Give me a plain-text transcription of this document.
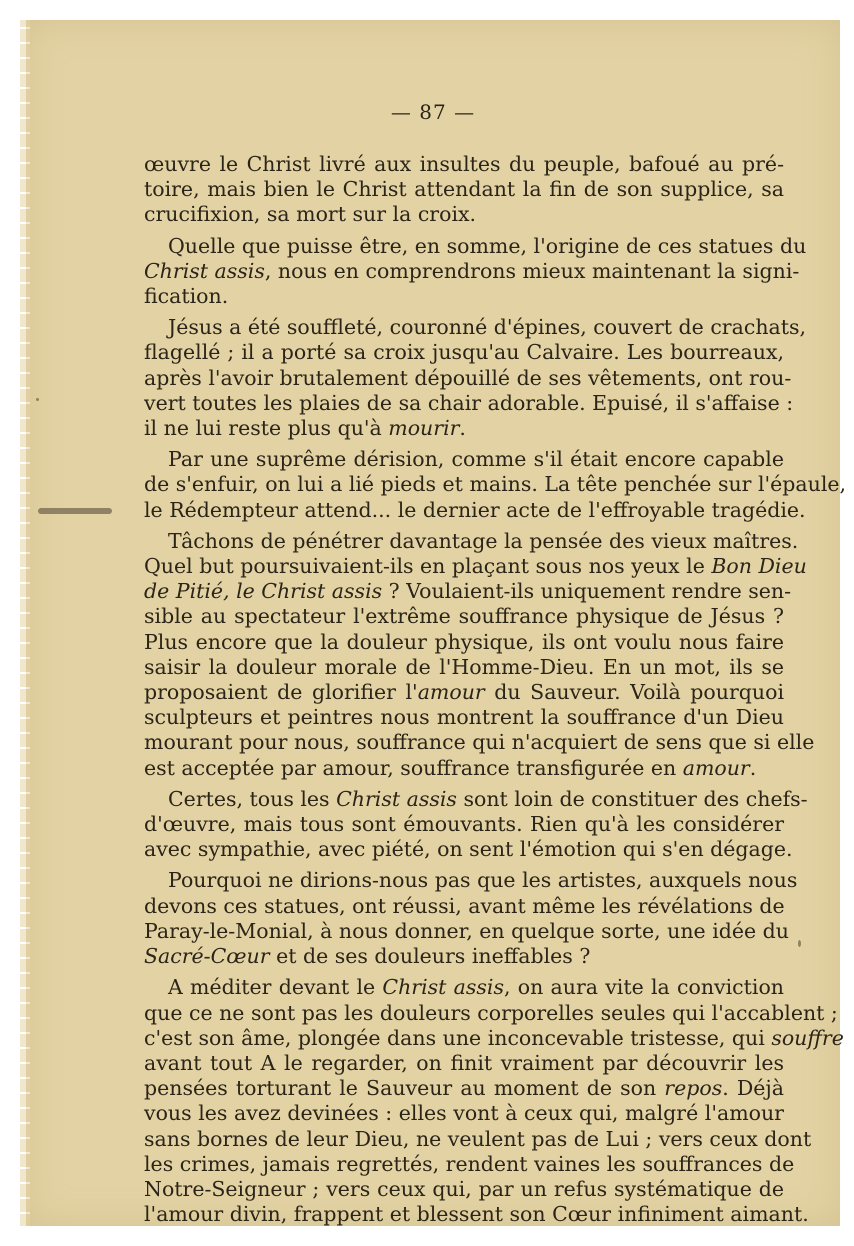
— 87 —
œuvre le Christ livré aux insultes du peuple, bafoué au pré-
toire, mais bien le Christ attendant la fin de son supplice, sa
crucifixion, sa mort sur la croix.
Quelle que puisse être, en somme, l'origine de ces statues du
Christ assis, nous en comprendrons mieux maintenant la signi-
fication.
Jésus a été souffleté, couronné d'épines, couvert de crachats,
flagellé ; il a porté sa croix jusqu'au Calvaire. Les bourreaux,
après l'avoir brutalement dépouillé de ses vêtements, ont rou-
vert toutes les plaies de sa chair adorable. Epuisé, il s'affaise :
il ne lui reste plus qu'à mourir.
Par une suprême dérision, comme s'il était encore capable
de s'enfuir, on lui a lié pieds et mains. La tête penchée sur l'épaule,
le Rédempteur attend... le dernier acte de l'effroyable tragédie.
Tâchons de pénétrer davantage la pensée des vieux maîtres.
Quel but poursuivaient-ils en plaçant sous nos yeux le Bon Dieu
de Pitié, le Christ assis ? Voulaient-ils uniquement rendre sen-
sible au spectateur l'extrême souffrance physique de Jésus ?
Plus encore que la douleur physique, ils ont voulu nous faire
saisir la douleur morale de l'Homme-Dieu. En un mot, ils se
proposaient de glorifier l'amour du Sauveur. Voilà pourquoi
sculpteurs et peintres nous montrent la souffrance d'un Dieu
mourant pour nous, souffrance qui n'acquiert de sens que si elle
est acceptée par amour, souffrance transfigurée en amour.
Certes, tous les Christ assis sont loin de constituer des chefs-
d'œuvre, mais tous sont émouvants. Rien qu'à les considérer
avec sympathie, avec piété, on sent l'émotion qui s'en dégage.
Pourquoi ne dirions-nous pas que les artistes, auxquels nous
devons ces statues, ont réussi, avant même les révélations de
Paray-le-Monial, à nous donner, en quelque sorte, une idée du
Sacré-Cœur et de ses douleurs ineffables ?
A méditer devant le Christ assis, on aura vite la conviction
que ce ne sont pas les douleurs corporelles seules qui l'accablent ;
c'est son âme, plongée dans une inconcevable tristesse, qui souffre
avant tout A le regarder, on finit vraiment par découvrir les
pensées torturant le Sauveur au moment de son repos. Déjà
vous les avez devinées : elles vont à ceux qui, malgré l'amour
sans bornes de leur Dieu, ne veulent pas de Lui ; vers ceux dont
les crimes, jamais regrettés, rendent vaines les souffrances de
Notre-Seigneur ; vers ceux qui, par un refus systématique de
l'amour divin, frappent et blessent son Cœur infiniment aimant.
